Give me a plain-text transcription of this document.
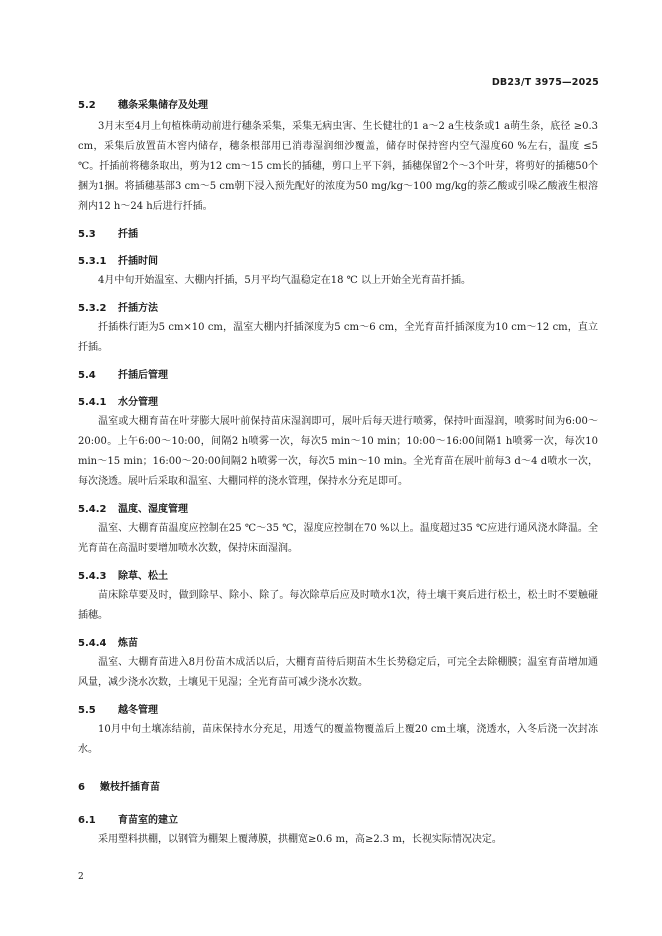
DB23/T 3975—2025
5.2 穗条采集储存及处理

3月末至4月上旬植株萌动前进行穗条采集，采集无病虫害、生长健壮的1 a～2 a生枝条或1 a萌生条，底径 ≥0.3 cm，采集后放置苗木窖内储存，穗条根部用已消毒湿润细沙覆盖，储存时保持窖内空气湿度60 %左右，温度 ≤5 ℃。扦插前将穗条取出，剪为12 cm～15 cm长的插穗，剪口上平下斜，插穗保留2个～3个叶芽，将剪好的插穗50个捆为1捆。将插穗基部3 cm～5 cm朝下浸入预先配好的浓度为50 mg/kg～100 mg/kg的萘乙酸或引哚乙酸液生根溶剂内12 h～24 h后进行扦插。

5.3 扦插
5.3.1 扦插时间

4月中旬开始温室、大棚内扦插，5月平均气温稳定在18 ℃ 以上开始全光育苗扦插。

5.3.2 扦插方法

扦插株行距为5 cm×10 cm，温室大棚内扦插深度为5 cm～6 cm，全光育苗扦插深度为10 cm～12 cm，直立扦插。

5.4 扦插后管理
5.4.1 水分管理

温室或大棚育苗在叶芽膨大展叶前保持苗床湿润即可，展叶后每天进行喷雾，保持叶面湿润，喷雾时间为6:00～20:00。上午6:00～10:00，间隔2 h喷雾一次，每次5 min～10 min；10:00～16:00间隔1 h喷雾一次，每次10 min～15 min；16:00～20:00间隔2 h喷雾一次，每次5 min～10 min。全光育苗在展叶前每3 d～4 d喷水一次，每次浇透。展叶后采取和温室、大棚同样的浇水管理，保持水分充足即可。

5.4.2 温度、湿度管理

温室、大棚育苗温度应控制在25 ℃～35 ℃，湿度应控制在70 %以上。温度超过35 ℃应进行通风浇水降温。全光育苗在高温时要增加喷水次数，保持床面湿润。

5.4.3 除草、松土

苗床除草要及时，做到除早、除小、除了。每次除草后应及时喷水1次，待土壤干爽后进行松土，松土时不要触碰插穗。

5.4.4 炼苗

温室、大棚育苗进入8月份苗木成活以后，大棚育苗待后期苗木生长势稳定后，可完全去除棚膜；温室育苗增加通风量，减少浇水次数，土壤见干见湿；全光育苗可减少浇水次数。

5.5 越冬管理

10月中旬土壤冻结前，苗床保持水分充足，用透气的覆盖物覆盖后上覆20 cm土壤，浇透水，入冬后浇一次封冻水。

6 嫩枝扦插育苗
6.1 育苗室的建立

采用塑料拱棚，以钢管为棚架上覆薄膜，拱棚宽≥0.6 m，高≥2.3 m，长视实际情况决定。

2
